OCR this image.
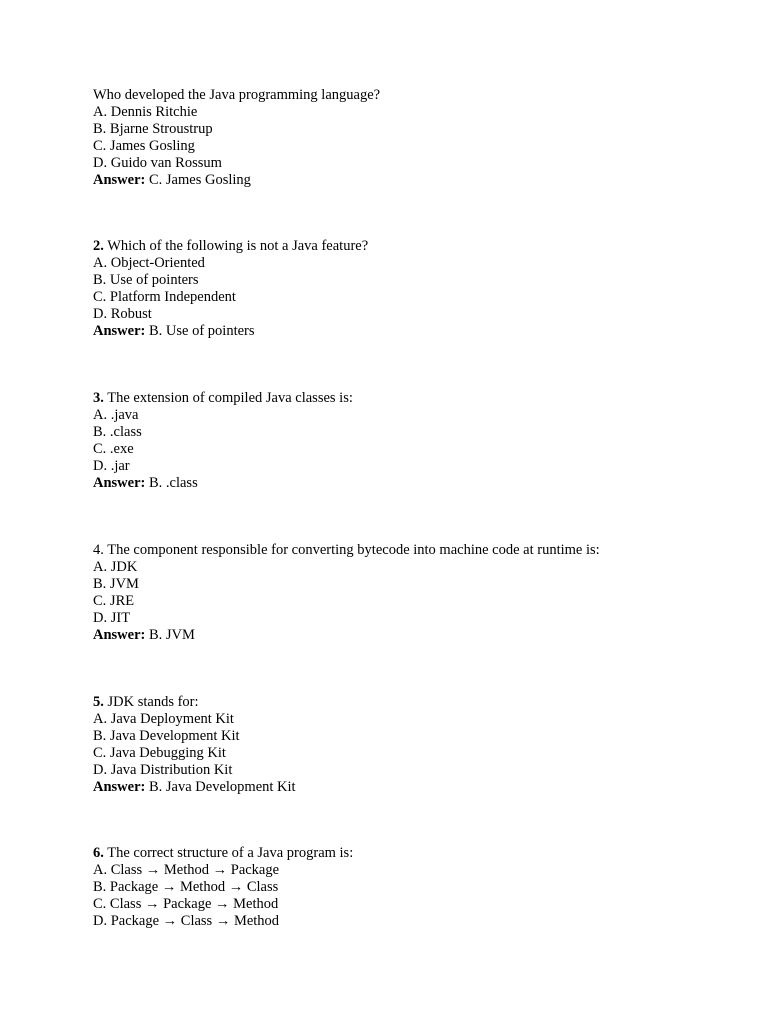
Who developed the Java programming language?
A. Dennis Ritchie
B. Bjarne Stroustrup
C. James Gosling
D. Guido van Rossum
Answer: C. James Gosling
2. Which of the following is not a Java feature?
A. Object-Oriented
B. Use of pointers
C. Platform Independent
D. Robust
Answer: B. Use of pointers
3. The extension of compiled Java classes is:
A. .java
B. .class
C. .exe
D. .jar
Answer: B. .class
4. The component responsible for converting bytecode into machine code at runtime is:
A. JDK
B. JVM
C. JRE
D. JIT
Answer: B. JVM
5. JDK stands for:
A. Java Deployment Kit
B. Java Development Kit
C. Java Debugging Kit
D. Java Distribution Kit
Answer: B. Java Development Kit
6. The correct structure of a Java program is:
A. Class → Method → Package
B. Package → Method → Class
C. Class → Package → Method
D. Package → Class → Method
